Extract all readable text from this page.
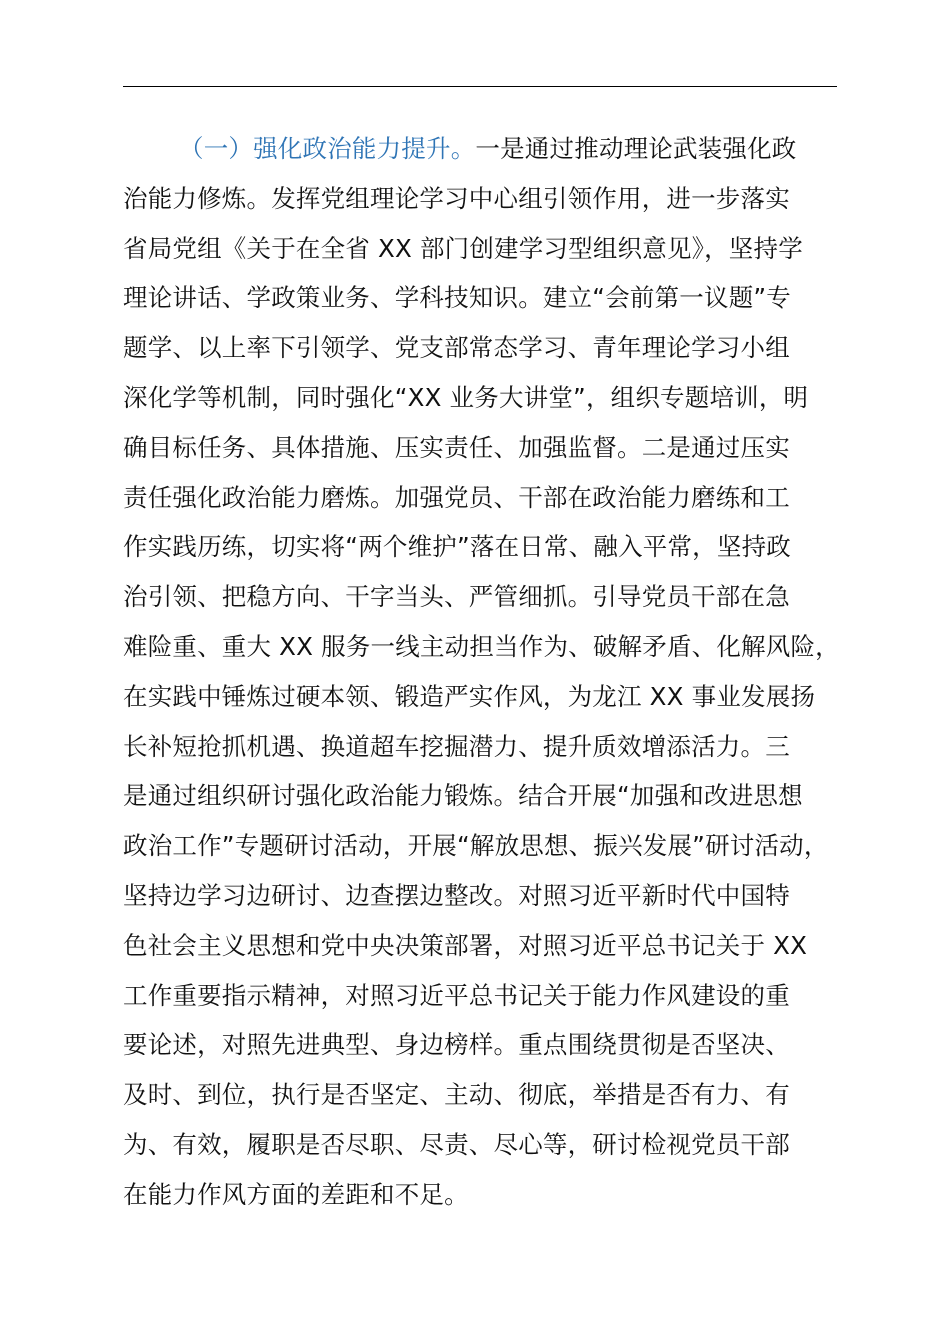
（一）强化政治能力提升。一是通过推动理论武装强化政
治能力修炼。发挥党组理论学习中心组引领作用，进一步落实
省局党组《关于在全省 XX 部门创建学习型组织意见》，坚持学
理论讲话、学政策业务、学科技知识。建立“会前第一议题”专
题学、以上率下引领学、党支部常态学习、青年理论学习小组
深化学等机制，同时强化“XX 业务大讲堂”，组织专题培训，明
确目标任务、具体措施、压实责任、加强监督。二是通过压实
责任强化政治能力磨炼。加强党员、干部在政治能力磨练和工
作实践历练，切实将“两个维护”落在日常、融入平常，坚持政
治引领、把稳方向、干字当头、严管细抓。引导党员干部在急
难险重、重大 XX 服务一线主动担当作为、破解矛盾、化解风险，
在实践中锤炼过硬本领、锻造严实作风，为龙江 XX 事业发展扬
长补短抢抓机遇、换道超车挖掘潜力、提升质效增添活力。三
是通过组织研讨强化政治能力锻炼。结合开展“加强和改进思想
政治工作”专题研讨活动，开展“解放思想、振兴发展”研讨活动，
坚持边学习边研讨、边查摆边整改。对照习近平新时代中国特
色社会主义思想和党中央决策部署，对照习近平总书记关于 XX
工作重要指示精神，对照习近平总书记关于能力作风建设的重
要论述，对照先进典型、身边榜样。重点围绕贯彻是否坚决、
及时、到位，执行是否坚定、主动、彻底，举措是否有力、有
为、有效，履职是否尽职、尽责、尽心等，研讨检视党员干部
在能力作风方面的差距和不足。
